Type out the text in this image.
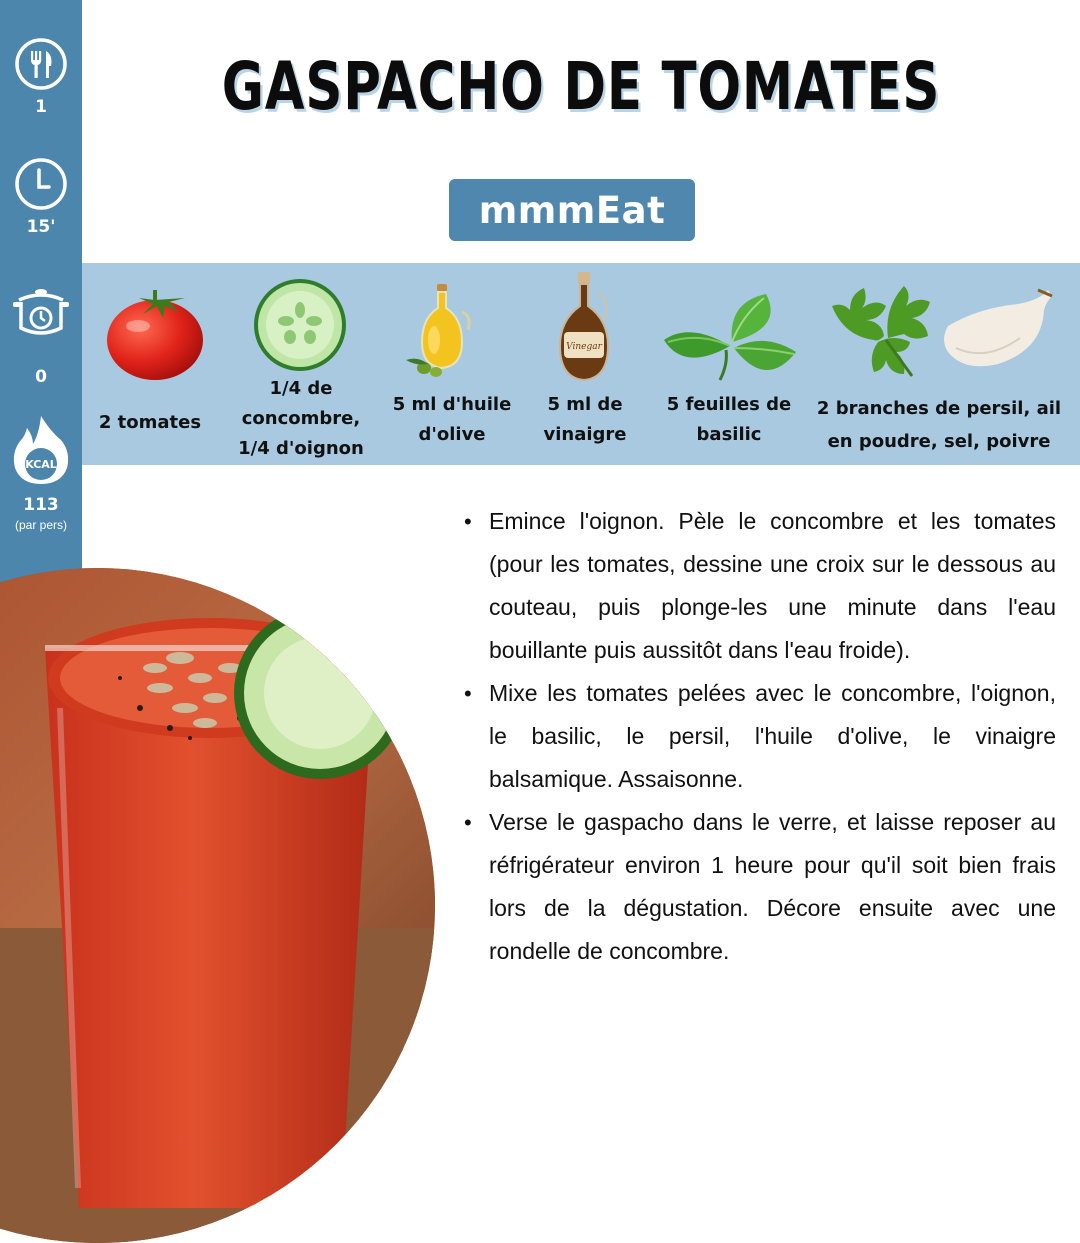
1
15'
0
KCAL
113
(par pers)
GASPACHO DE TOMATES
mmmEat
2 tomates
1/4 de
concombre,
1/4 d'oignon
5 ml d'huile
d'olive
Vinegar
5 ml de
vinaigre
5 feuilles de
basilic
2 branches de persil, ail
en poudre, sel, poivre
• Emince l'oignon. Pèle le concombre et les tomates (pour les tomates, dessine une croix sur le dessous au couteau, puis plonge-les une minute dans l'eau bouillante puis aussitôt dans l'eau froide).
• Mixe les tomates pelées avec le concombre, l'oignon, le basilic, le persil, l'huile d'olive, le vinaigre balsamique. Assaisonne.
• Verse le gaspacho dans le verre, et laisse reposer au réfrigérateur environ 1 heure pour qu'il soit bien frais lors de la dégustation. Décore ensuite avec une rondelle de concombre.
